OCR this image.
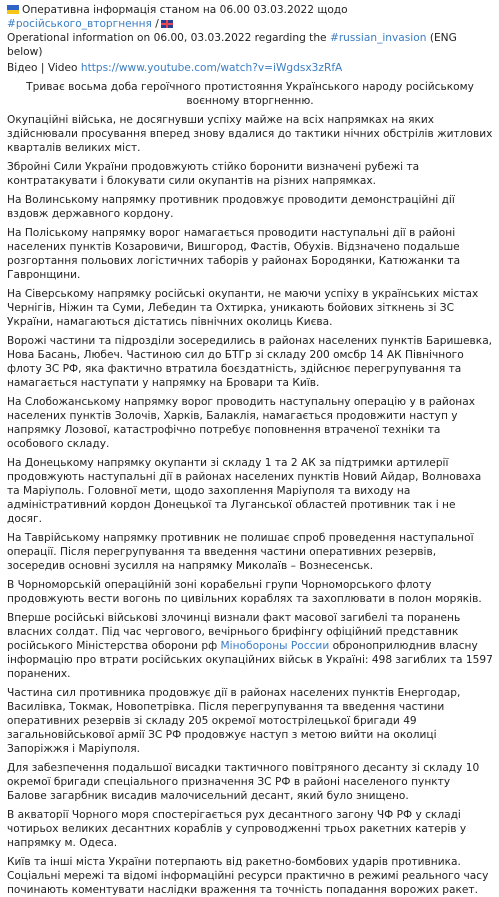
Оперативна інформація станом на 06.00 03.03.2022 щодо #російського_вторгнення /
Operational information on 06.00, 03.03.2022 regarding the #russian_invasion (ENG below)
Відео | Video https://www.youtube.com/watch?v=iWgdsx3zRfA
Триває восьма доба героїчного протистояння Українського народу російському воєнному вторгненню.
Окупаційні війська, не досягнувши успіху майже на всіх напрямках на яких здійснювали просування вперед знову вдалися до тактики нічних обстрілів житлових кварталів великих міст.
Збройні Сили України продовжують стійко боронити визначені рубежі та контратакувати і блокувати сили окупантів на різних напрямках.
На Волинському напрямку противник продовжує проводити демонстраційні дії вздовж державного кордону.
На Поліському напрямку ворог намагається проводити наступальні дії в районі населених пунктів Козаровичи, Вишгород, Фастів, Обухів. Відзначено подальше розгортання польових логістичних таборів у районах Бородянки, Катюжанки та Гавронщини.
На Сіверському напрямку російські окупанти, не маючи успіху в українських містах Чернігів, Ніжин та Суми, Лебедин та Охтирка, уникають бойових зіткнень зі ЗС України, намагаються дістатись північних околиць Києва.
Ворожі частини та підрозділи зосередились в районах населених пунктів Баришевка, Нова Басань, Любеч. Частиною сил до БТГр зі складу 200 омсбр 14 АК Північного флоту ЗС РФ, яка фактично втратила боєздатність, здійснює перегрупування та намагається наступати у напрямку на Бровари та Київ.
На Слобожанському напрямку ворог проводить наступальну операцію у в районах населених пунктів Золочів, Харків, Балаклія, намагається продовжити наступ у напрямку Лозової, катастрофічно потребує поповнення втраченої техніки та особового складу.
На Донецькому напрямку окупанти зі складу 1 та 2 АК за підтримки артилерії продовжують наступальні дії в районах населених пунктів Новий Айдар, Волноваха та Маріуполь. Головної мети, щодо захоплення Маріуполя та виходу на адміністративний кордон Донецької та Луганської областей противник так і не досяг.
На Таврійському напрямку противник не полишає спроб проведення наступальної операції. Після перегрупування та введення частини оперативних резервів, зосередив основні зусилля на напрямку Миколаїв – Вознесенськ.
В Чорноморській операційній зоні корабельні групи Чорноморського флоту продовжують вести вогонь по цивільних кораблях та захоплювати в полон моряків.
Вперше російські військові злочинці визнали факт масової загибелі та поранень власних солдат. Під час чергового, вечірнього брифінгу офіційний представник російського Міністерства оборони рф Мінобороны России оброноприлюднив власну інформацію про втрати російських окупаційних військ в Україні: 498 загиблих та 1597 поранених.
Частина сил противника продовжує дії в районах населених пунктів Енергодар, Василівка, Токмак, Новопетрівка. Після перегрупування та введення частини оперативних резервів зі складу 205 окремої мотострілецької бригади 49 загальновійськової армії ЗС РФ продовжує наступ з метою вийти на околиці Запоріжжя і Маріуполя.
Для забезпечення подальшої висадки тактичного повітряного десанту зі складу 10 окремої бригади спеціального призначення ЗС РФ в районі населеного пункту Балове загарбник висадив малочисельний десант, який було знищено.
В акваторії Чорного моря спостерігається рух десантного загону ЧФ РФ у складі чотирьох великих десантних кораблів у супроводженні трьох ракетних катерів у напрямку м. Одеса.
Київ та інші міста України потерпають від ракетно-бомбових ударів противника. Соціальні мережі та відомі інформаційні ресурси практично в режимі реального часу починають коментувати наслідки враження та точність попадання ворожих ракет.
